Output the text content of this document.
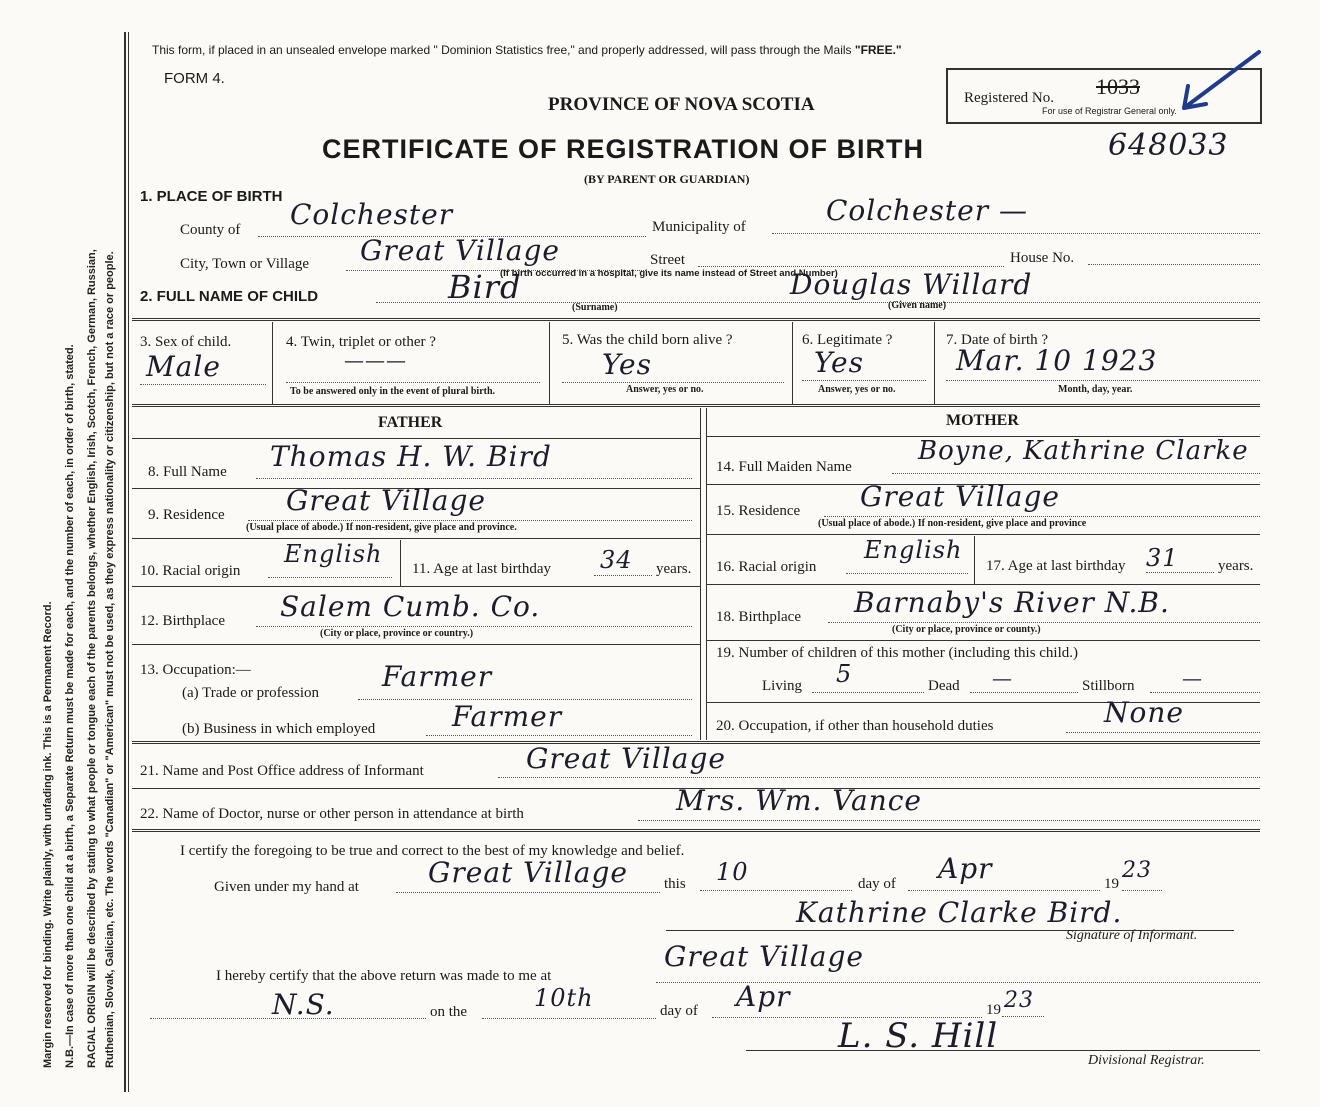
Margin reserved for binding. Write plainly, with unfading ink. This is a Permanent Record. N.B.—In case of more than one child at a birth, a Separate Return must be made for each, and the number of each, in order of birth, stated. RACIAL ORIGIN will be described by stating to what people or tongue each of the parents belongs, whether English, Irish, Scotch, French, German, Russian, Ruthenian, Slovak, Galician, etc. The words "Canadian" or "American" must not be used, as they express nationality or citizenship, but not a race or people.
This form, if placed in an unsealed envelope marked " Dominion Statistics free," and properly addressed, will pass through the Mails "FREE."
FORM 4.
PROVINCE OF NOVA SCOTIA
CERTIFICATE OF REGISTRATION OF BIRTH
(BY PARENT OR GUARDIAN)
648033
Registered No. 1033
For use of Registrar General only.
1. PLACE OF BIRTH
County of Colchester	Municipality of	Colchester —
City, Town or Village Great Village	Street	House No.
(If birth occurred in a hospital, give its name instead of Street and Number)
2. FULL NAME OF CHILD	Bird
(Surname)
Douglas Willard
(Given name)
3. Sex of child.
Male
4. Twin, triplet or other ?
———
To be answered only in the event of plural birth.
5. Was the child born alive ?
Yes
Answer, yes or no.
6. Legitimate ?
Yes
Answer, yes or no.
7. Date of birth ?
Mar. 10 1923
Month, day, year.
FATHER	MOTHER
8. Full Name Thomas H. W. Bird
9. Residence Great Village
(Usual place of abode.) If non-resident, give place and province.
10. Racial origin
English
11. Age at last birthday 34 years.
12. Birthplace Salem Cumb. Co.
(City or place, province or country.)
13. Occupation:—
(a) Trade or profession Farmer
(b) Business in which employed	Farmer
14. Full Maiden Name
Boyne, Kathrine Clarke
15. Residence Great Village
(Usual place of abode.) If non-resident, give place and province
16. Racial origin
English
17. Age at last birthday 31	years.
18. Birthplace Barnaby's River N.B.
(City or place, province or county.)
19. Number of children of this mother (including this child.)
Living 5	Dead —	Stillborn —
20. Occupation, if other than household duties	None
21. Name and Post Office address of Informant	Great Village
22. Name of Doctor, nurse or other person in attendance at birth	Mrs. Wm. Vance
I certify the foregoing to be true and correct to the best of my knowledge and belief.
Given under my hand at Great Village this 10	day of Apr	19
23
Kathrine Clarke Bird.
Signature of Informant.
I hereby certify that the above return was made to me at
Great Village
N.S.	on the	10th	day of Apr	19 23
L. S. Hill
Divisional Registrar.
